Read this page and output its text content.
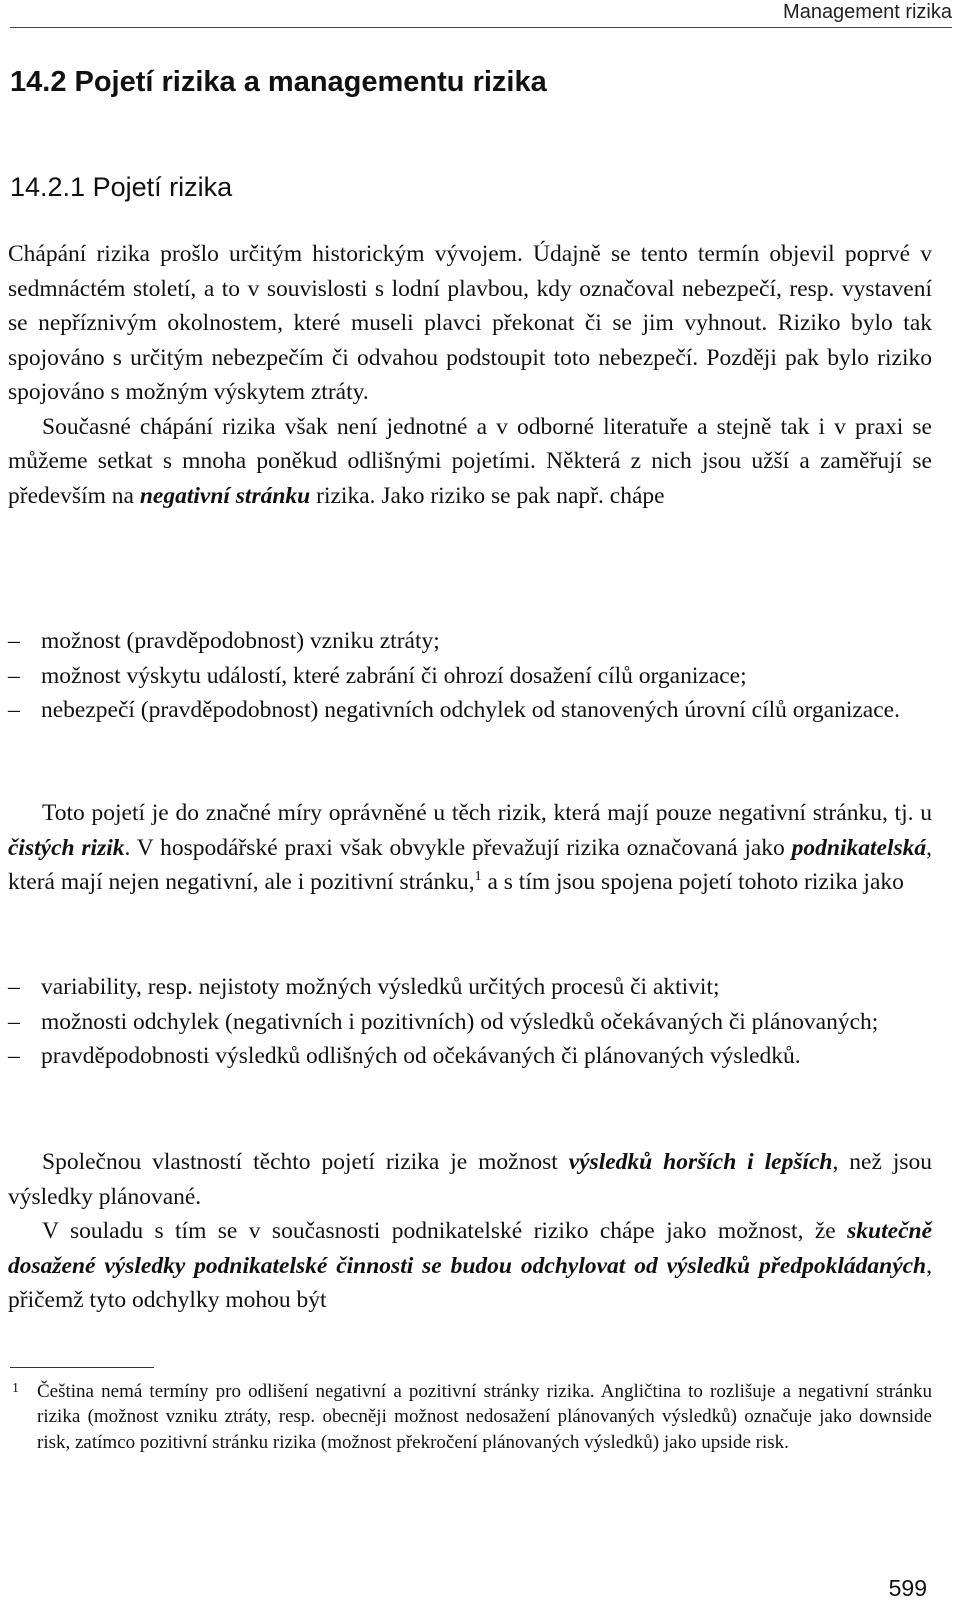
Management rizika
14.2 Pojetí rizika a managementu rizika
14.2.1 Pojetí rizika

Chápání rizika prošlo určitým historickým vývojem. Údajně se tento termín objevil poprvé v sedmnáctém století, a to v souvislosti s lodní plavbou, kdy označoval nebezpečí, resp. vystavení se nepříznivým okolnostem, které museli plavci překonat či se jim vyhnout. Riziko bylo tak spojováno s určitým nebezpečím či odvahou podstoupit toto nebezpečí. Později pak bylo riziko spojováno s možným výskytem ztráty.

Současné chápání rizika však není jednotné a v odborné literatuře a stejně tak i v praxi se můžeme setkat s mnoha poněkud odlišnými pojetími. Některá z nich jsou užší a zaměřují se především na negativní stránku rizika. Jako riziko se pak např. chápe

– možnost (pravděpodobnost) vzniku ztráty;
– možnost výskytu událostí, které zabrání či ohrozí dosažení cílů organizace;
– nebezpečí (pravděpodobnost) negativních odchylek od stanovených úrovní cílů organizace.

Toto pojetí je do značné míry oprávněné u těch rizik, která mají pouze negativní stránku, tj. u čistých rizik. V hospodářské praxi však obvykle převažují rizika označovaná jako podnikatelská, která mají nejen negativní, ale i pozitivní stránku,$^1$ a s tím jsou spojena pojetí tohoto rizika jako

– variability, resp. nejistoty možných výsledků určitých procesů či aktivit;
– možnosti odchylek (negativních i pozitivních) od výsledků očekávaných či plánovaných;
– pravděpodobnosti výsledků odlišných od očekávaných či plánovaných výsledků.

Společnou vlastností těchto pojetí rizika je možnost výsledků horších i lepších, než jsou výsledky plánované.

V souladu s tím se v současnosti podnikatelské riziko chápe jako možnost, že skutečně dosažené výsledky podnikatelské činnosti se budou odchylovat od výsledků předpokládaných, přičemž tyto odchylky mohou být

1 Čeština nemá termíny pro odlišení negativní a pozitivní stránky rizika. Angličtina to rozlišuje a negativní stránku rizika (možnost vzniku ztráty, resp. obecněji možnost nedosažení plánovaných výsledků) označuje jako downside risk, zatímco pozitivní stránku rizika (možnost překročení plánovaných výsledků) jako upside risk.
599
